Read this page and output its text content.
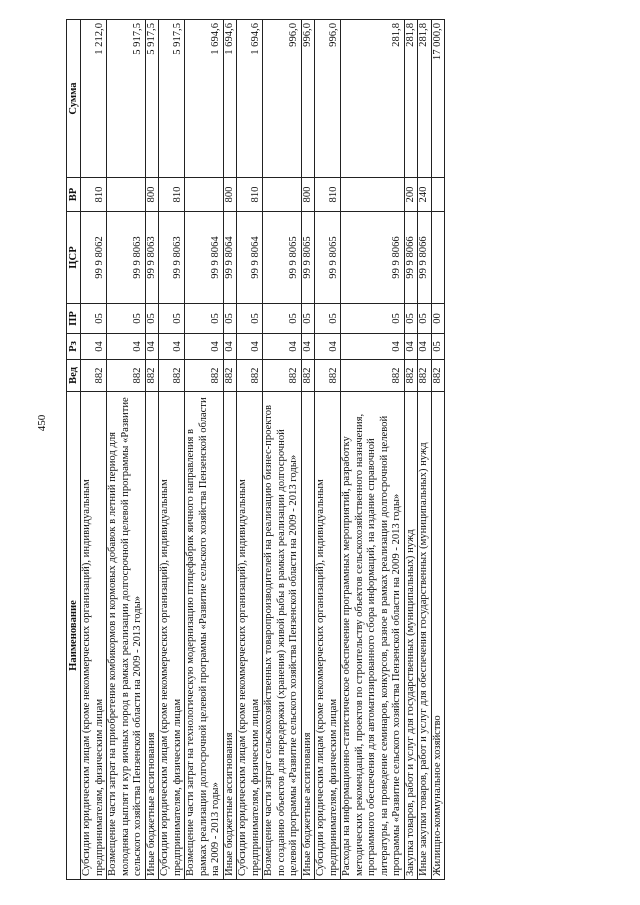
450
Наименование	Вед	Рз	ПР	ЦСР	ВР	Сумма
Субсидии юридическим лицам (кроме некоммерческих организаций), индивидуальным предпринимателям, физическим лицам	882	04	05	99 9 8062	810	1 212,0
Возмещение части затрат на приобретение комбикормов и кормовых добавок в летний период для молодняка цыплят и кур яичных пород в рамках реализации долгосрочной целевой программы «Развитие сельского хозяйства Пензенской области на 2009 - 2013 годы»	882	04	05	99 9 8063		5 917,5
Иные бюджетные ассигнования	882	04	05	99 9 8063	800	5 917,5
Субсидии юридическим лицам (кроме некоммерческих организаций), индивидуальным предпринимателям, физическим лицам	882	04	05	99 9 8063	810	5 917,5
Возмещение части затрат на технологическую модернизацию птицефабрик яичного направления в рамках реализации долгосрочной целевой программы «Развитие сельского хозяйства Пензенской области на 2009 - 2013 годы»	882	04	05	99 9 8064		1 694,6
Иные бюджетные ассигнования	882	04	05	99 9 8064	800	1 694,6
Субсидии юридическим лицам (кроме некоммерческих организаций), индивидуальным предпринимателям, физическим лицам	882	04	05	99 9 8064	810	1 694,6
Возмещение части затрат сельскохозяйственных товаропроизводителей на реализацию бизнес-проектов по созданию объектов для передержки (хранения) живой рыбы в рамках реализации долгосрочной целевой программы «Развитие сельского хозяйства Пензенской области на 2009 - 2013 годы»	882	04	05	99 9 8065		996,0
Иные бюджетные ассигнования	882	04	05	99 9 8065	800	996,0
Субсидии юридическим лицам (кроме некоммерческих организаций), индивидуальным предпринимателям, физическим лицам	882	04	05	99 9 8065	810	996,0
Расходы на информационно-статистическое обеспечение программных мероприятий, разработку методических рекомендаций, проектов по строительству объектов сельскохозяйственного назначения, программного обеспечения для автоматизированного сбора информаций, на издание справочной литературы, на проведение семинаров, конкурсов, разное в рамках реализации долгосрочной целевой программы «Развитие сельского хозяйства Пензенской области на 2009 - 2013 годы»	882	04	05	99 9 8066		281,8
Закупка товаров, работ и услуг для государственных (муниципальных) нужд	882	04	05	99 9 8066	200	281,8
Иные закупки товаров, работ и услуг для обеспечения государственных (муниципальных) нужд	882	04	05	99 9 8066	240	281,8
Жилищно-коммунальное хозяйство	882	05	00			17 000,0
